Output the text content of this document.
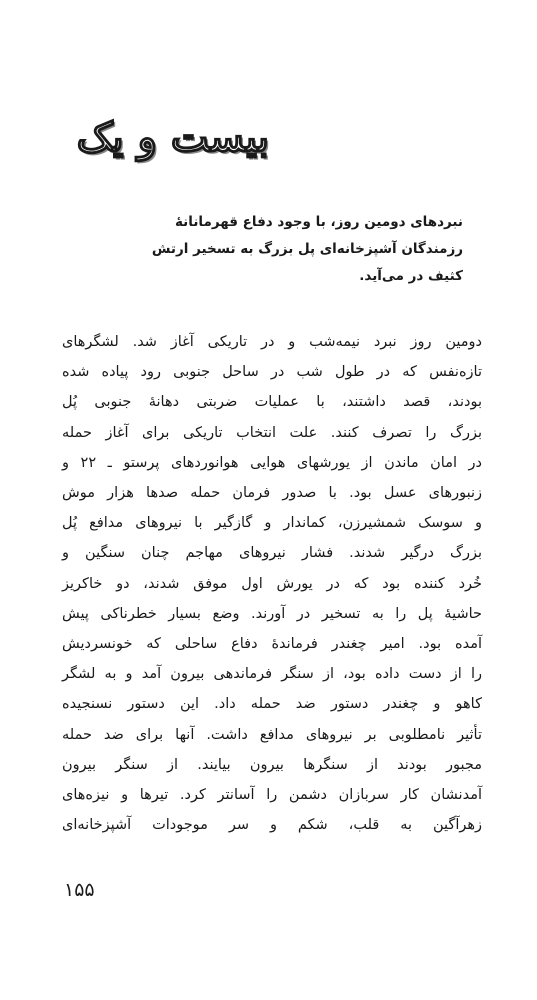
بیست و یک
نبردهای دومین روز، با وجود دفاع قهرمانانهٔ
رزمندگان آشپزخانه‌ای پل بزرگ به تسخیر ارتش
کثیف در می‌آید.
دومین روز نبرد نیمه‌شب و در تاریکی آغاز شد. لشگرهای
تازه‌نفس که در طول شب در ساحل جنوبی رود پیاده شده
بودند، قصد داشتند، با عملیات ضربتی دهانهٔ جنوبی پُل
بزرگ را تصرف کنند. علت انتخاب تاریکی برای آغاز حمله
در امان ماندن از یورشهای هوایی هوانوردهای پرستو ـ ۲۲ و
زنبورهای عسل بود. با صدور فرمان حمله صدها هزار موش
و سوسک شمشیرزن، کماندار و گازگیر با نیروهای مدافع پُل
بزرگ درگیر شدند. فشار نیروهای مهاجم چنان سنگین و
خُرد کننده بود که در یورش اول موفق شدند، دو خاکریز
حاشیهٔ پل را به تسخیر در آورند. وضع بسیار خطرناکی پیش
آمده بود. امیر چغندر فرماندهٔ دفاع ساحلی که خونسردیش
را از دست داده بود، از سنگر فرماندهی بیرون آمد و به لشگر
کاهو و چغندر دستور ضد حمله داد. این دستور نسنجیده
تأثیر نامطلوبی بر نیروهای مدافع داشت. آنها برای ضد حمله
مجبور بودند از سنگرها بیرون بیایند. از سنگر بیرون
آمدنشان کار سربازان دشمن را آسانتر کرد. تیرها و نیزه‌های
زهرآگین به قلب، شکم و سر موجودات آشپزخانه‌ای
۱۵۵
